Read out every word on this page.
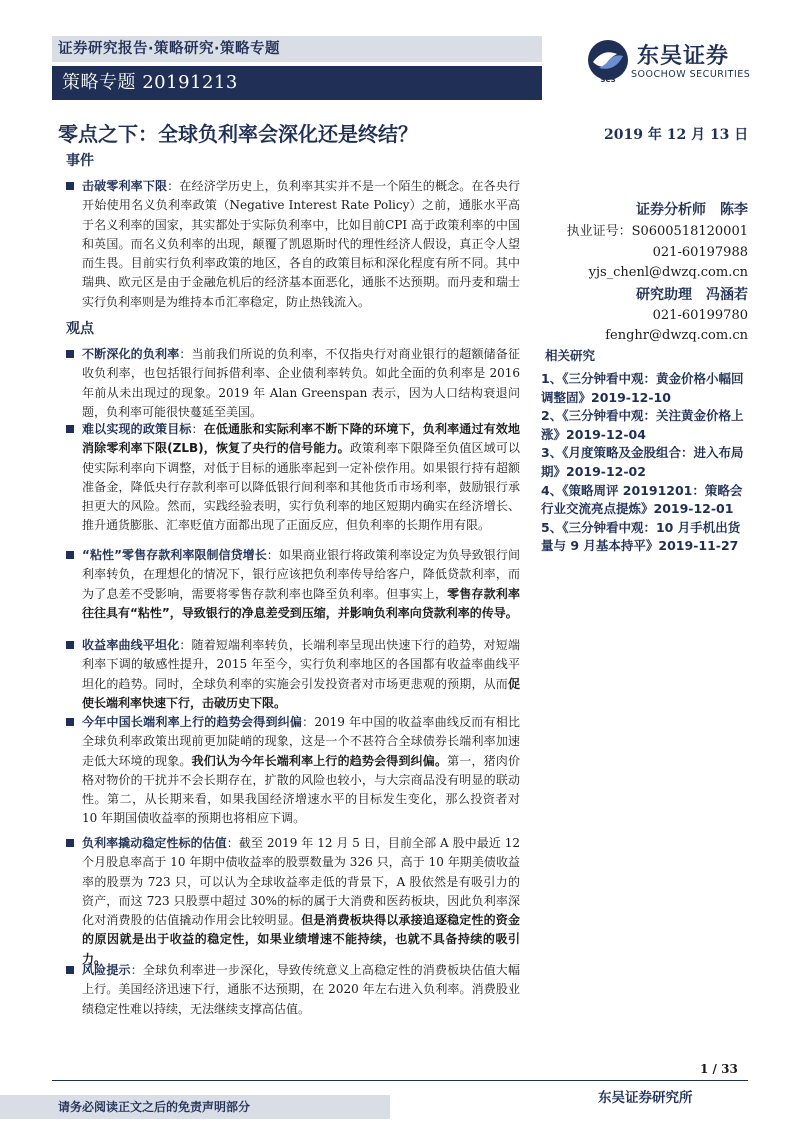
证券研究报告·策略研究·策略专题
策略专题 20191213	SCS
东吴证券
SOOCHOW SECURITIES
零点之下：全球负利率会深化还是终结？	2019 年 12 月 13 日
事件
击破零利率下限：在经济学历史上，负利率其实并不是一个陌生的概念。在各央行开始使用名义负利率政策（Negative Interest Rate Policy）之前，通胀水平高于名义利率的国家，其实都处于实际负利率中，比如目前CPI 高于政策利率的中国和英国。而名义负利率的出现，颠覆了凯恩斯时代的理性经济人假设，真正令人望而生畏。目前实行负利率政策的地区，各自的政策目标和深化程度有所不同。其中瑞典、欧元区是由于金融危机后的经济基本面恶化，通胀不达预期。而丹麦和瑞士实行负利率则是为维持本币汇率稳定，防止热钱流入。
观点
不断深化的负利率：当前我们所说的负利率，不仅指央行对商业银行的超额储备征收负利率，也包括银行间拆借利率、企业债利率转负。如此全面的负利率是 2016 年前从未出现过的现象。2019 年 Alan Greenspan 表示，因为人口结构衰退问题，负利率可能很快蔓延至美国。
难以实现的政策目标：在低通胀和实际利率不断下降的环境下，负利率通过有效地消除零利率下限(ZLB)，恢复了央行的信号能力。政策利率下限降至负值区域可以使实际利率向下调整，对低于目标的通胀率起到一定补偿作用。如果银行持有超额准备金，降低央行存款利率可以降低银行间利率和其他货币市场利率，鼓励银行承担更大的风险。然而，实践经验表明，实行负利率的地区短期内确实在经济增长、推升通货膨胀、汇率贬值方面都出现了正面反应，但负利率的长期作用有限。
“粘性”零售存款利率限制信贷增长：如果商业银行将政策利率设定为负导致银行间利率转负，在理想化的情况下，银行应该把负利率传导给客户，降低贷款利率，而为了息差不受影响，需要将零售存款利率也降至负利率。但事实上，零售存款利率往往具有“粘性”，导致银行的净息差受到压缩，并影响负利率向贷款利率的传导。
收益率曲线平坦化：随着短端利率转负，长端利率呈现出快速下行的趋势，对短端利率下调的敏感性提升，2015 年至今，实行负利率地区的各国都有收益率曲线平坦化的趋势。同时，全球负利率的实施会引发投资者对市场更悲观的预期，从而促使长端利率快速下行，击破历史下限。
今年中国长端利率上行的趋势会得到纠偏：2019 年中国的收益率曲线反而有相比全球负利率政策出现前更加陡峭的现象，这是一个不甚符合全球债券长端利率加速走低大环境的现象。我们认为今年长端利率上行的趋势会得到纠偏。第一，猪肉价格对物价的干扰并不会长期存在，扩散的风险也较小，与大宗商品没有明显的联动性。第二，从长期来看，如果我国经济增速水平的目标发生变化，那么投资者对 10 年期国债收益率的预期也将相应下调。
负利率撬动稳定性标的估值：截至 2019 年 12 月 5 日，目前全部 A 股中最近 12 个月股息率高于 10 年期中债收益率的股票数量为 326 只，高于 10 年期美债收益率的股票为 723 只，可以认为全球收益率走低的背景下，A 股依然是有吸引力的资产，而这 723 只股票中超过 30%的标的属于大消费和医药板块，因此负利率深化对消费股的估值撬动作用会比较明显。但是消费板块得以承接追逐稳定性的资金的原因就是出于收益的稳定性，如果业绩增速不能持续，也就不具备持续的吸引力。
风险提示：全球负利率进一步深化，导致传统意义上高稳定性的消费板块估值大幅上行。美国经济迅速下行，通胀不达预期，在 2020 年左右进入负利率。消费股业绩稳定性难以持续，无法继续支撑高估值。
证券分析师　陈李
执业证号：S0600518120001
021-60197988
yjs_chenl@dwzq.com.cn
研究助理　冯涵若
021-60199780
fenghr@dwzq.com.cn
相关研究
1、《三分钟看中观：黄金价格小幅回调整固》2019-12-10
2、《三分钟看中观：关注黄金价格上涨》2019-12-04
3、《月度策略及金股组合：进入布局期》2019-12-02
4、《策略周评 20191201：策略会行业交流亮点提炼》2019-12-01
5、《三分钟看中观：10 月手机出货量与 9 月基本持平》2019-11-27
1 / 33
请务必阅读正文之后的免责声明部分
东吴证券研究所
